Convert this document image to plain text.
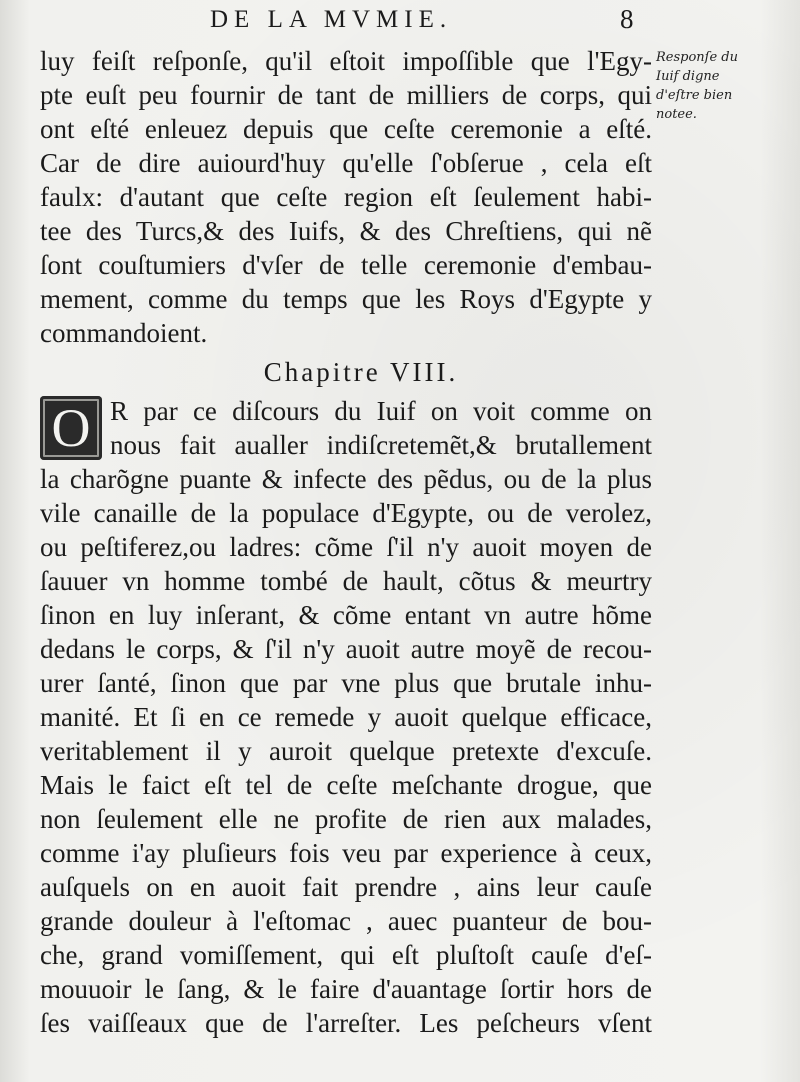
DE LA MVMIE.	8
Responſe du
Iuif digne
d'eſtre bien
notee.
luy feiſt reſponſe, qu'il eſtoit impoſſible que l'Egy-
pte euſt peu fournir de tant de milliers de corps, qui
ont eſté enleuez depuis que ceſte ceremonie a eſté.
Car de dire auiourd'huy qu'elle ſ'obſerue , cela eſt
faulx: d'autant que ceſte region eſt ſeulement habi-
tee des Turcs,& des Iuifs, & des Chreſtiens, qui nẽ
ſont couſtumiers d'vſer de telle ceremonie d'embau-
mement, comme du temps que les Roys d'Egypte y
commandoient.
Chapitre VIII.
O R par ce diſcours du Iuif on voit comme on
nous fait aualler indiſcretemẽt,& brutallement
la charõgne puante & infecte des pẽdus, ou de la plus
vile canaille de la populace d'Egypte, ou de verolez,
ou peſtiferez,ou ladres: cõme ſ'il n'y auoit moyen de
ſauuer vn homme tombé de hault, cõtus & meurtry
ſinon en luy inſerant, & cõme entant vn autre hõme
dedans le corps, & ſ'il n'y auoit autre moyẽ de recou-
urer ſanté, ſinon que par vne plus que brutale inhu-
manité. Et ſi en ce remede y auoit quelque efficace,
veritablement il y auroit quelque pretexte d'excuſe.
Mais le faict eſt tel de ceſte meſchante drogue, que
non ſeulement elle ne profite de rien aux malades,
comme i'ay pluſieurs fois veu par experience à ceux,
auſquels on en auoit fait prendre , ains leur cauſe
grande douleur à l'eſtomac , auec puanteur de bou-
che, grand vomiſſement, qui eſt pluſtoſt cauſe d'eſ-
mouuoir le ſang, & le faire d'auantage ſortir hors de
ſes vaiſſeaux que de l'arreſter. Les peſcheurs vſent
